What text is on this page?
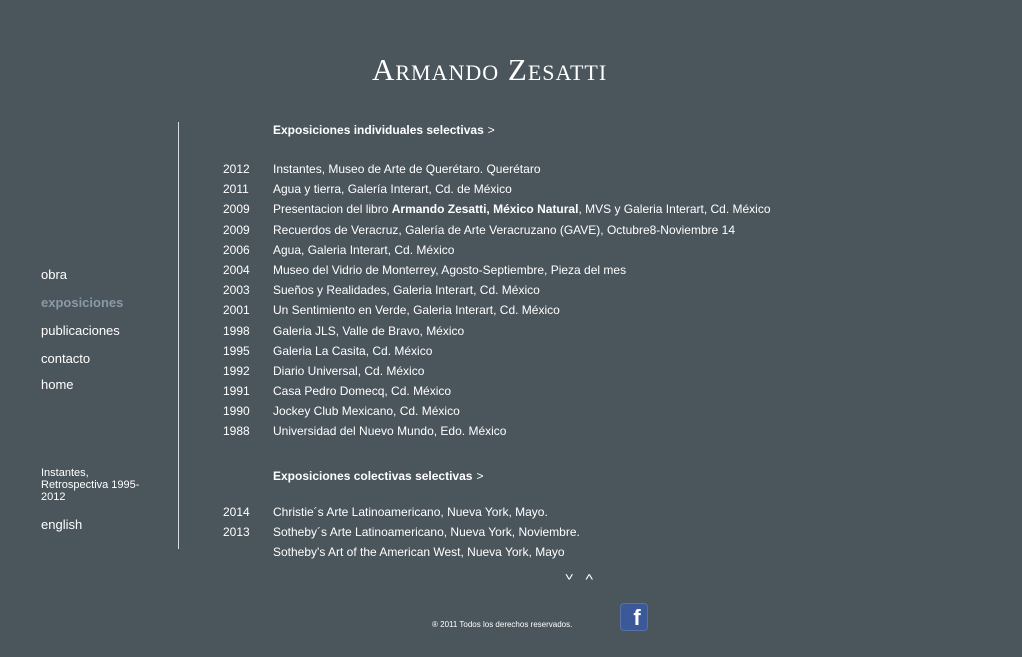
Armando Zesatti
obra
exposiciones
publicaciones
contacto
home
Instantes, Retrospectiva 1995-2012
english
Exposiciones individuales selectivas >
2012	Instantes, Museo de Arte de Querétaro. Querétaro
2011	Agua y tierra, Galería Interart, Cd. de México
2009	Presentacion del libro Armando Zesatti, México Natural, MVS y Galeria Interart, Cd. México
2009	Recuerdos de Veracruz, Galería de Arte Veracruzano (GAVE), Octubre8-Noviembre 14
2006	Agua, Galeria Interart, Cd. México
2004	Museo del Vidrio de Monterrey, Agosto-Septiembre, Pieza del mes
2003	Sueños y Realidades, Galeria Interart, Cd. México
2001	Un Sentimiento en Verde, Galeria Interart, Cd. México
1998	Galeria JLS, Valle de Bravo, México
1995	Galeria La Casita, Cd. México
1992	Diario Universal, Cd. México
1991	Casa Pedro Domecq, Cd. México
1990	Jockey Club Mexicano, Cd. México
1988	Universidad del Nuevo Mundo, Edo. México
Exposiciones colectivas selectivas >
2014	Christie´s Arte Latinoamericano, Nueva York, Mayo.
2013	Sotheby´s Arte Latinoamericano, Nueva York, Noviembre.
Sotheby's Art of the American West, Nueva York, Mayo
˅ ˄
® 2011 Todos los derechos reservados.	f
